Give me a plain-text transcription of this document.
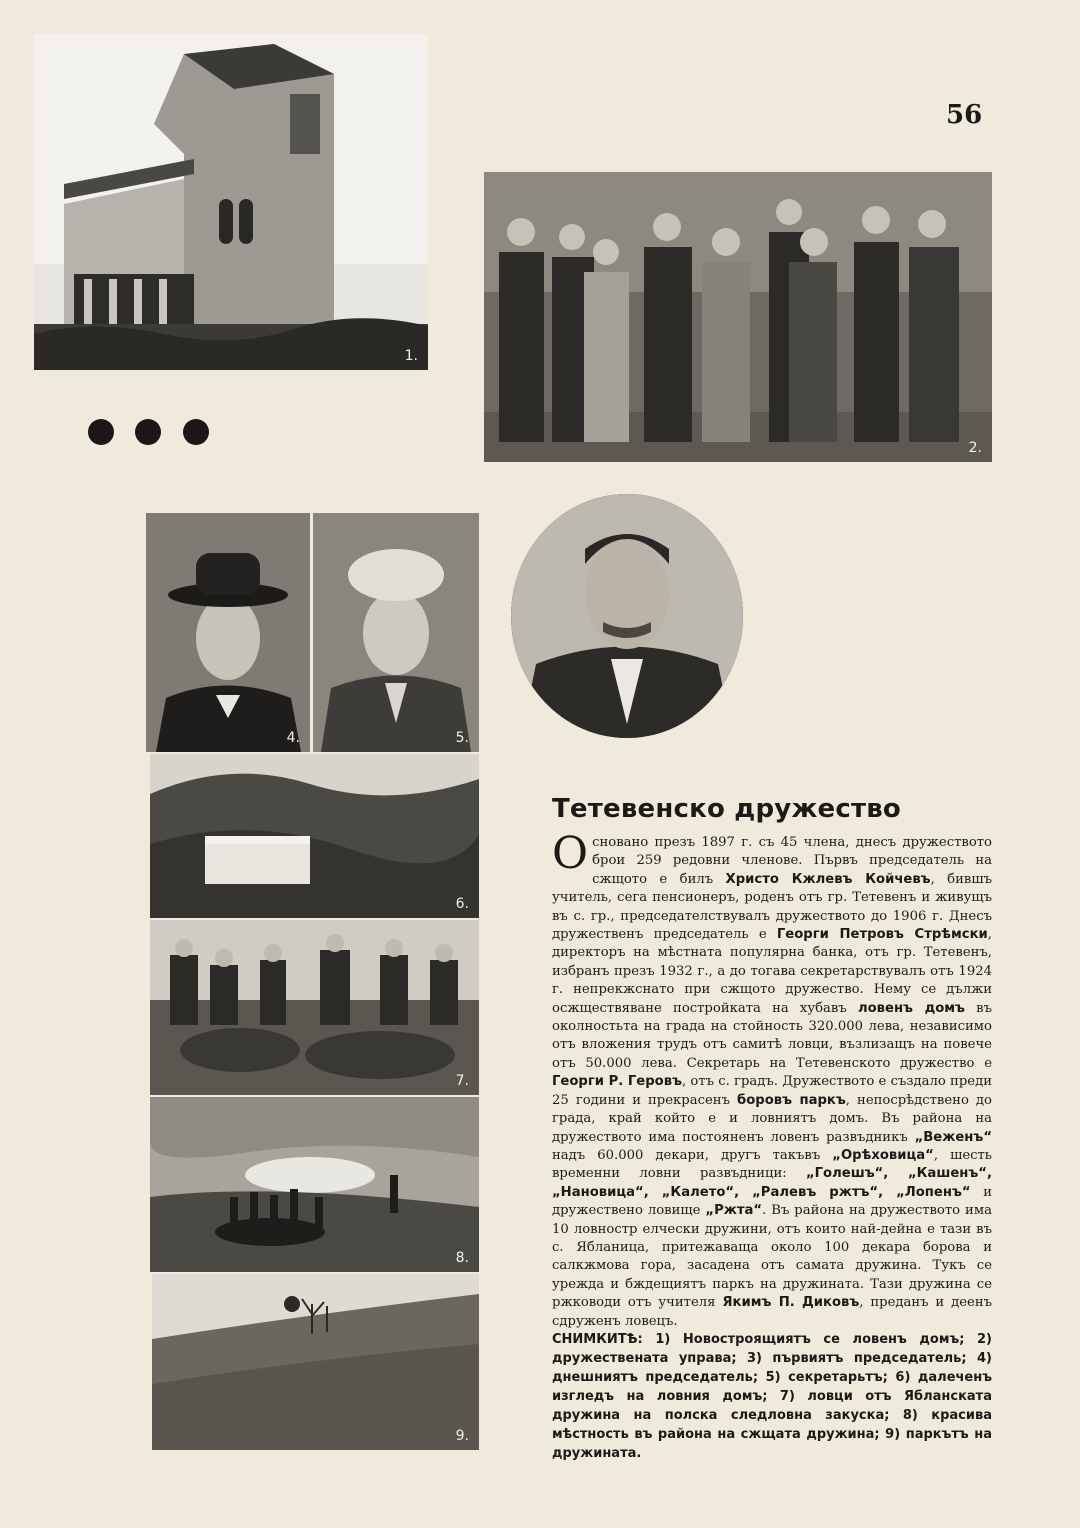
56

1.
2.
4.	5.
3.
6.
7.
8.
9.
Тетевенско дружество

Основано презъ 1897 г. съ 45 члена, днесъ дружеството брои 259 редовни членове. Първъ председатель на сжщото е билъ Христо Кжлевъ Койчевъ, бившъ учитель, сега пенсионеръ, роденъ отъ гр. Тетевенъ и живущъ въ с. гр., председателствувалъ дружеството до 1906 г. Днесъ дружественъ председатель е Георги Петровъ Стрѣмски, директоръ на мѣстната популярна банка, отъ гр. Тетевенъ, избранъ презъ 1932 г., а до тогава секретарствувалъ отъ 1924 г. непрекжснато при сжщото дружество. Нему се дължи осжществяване постройката на хубавъ ловенъ домъ въ околностьта на града на стойность 320.000 лева, независимо отъ вложения трудъ отъ самитѣ ловци, възлизащъ на повече отъ 50.000 лева. Секретарь на Тетевенското дружество е Георги Р. Геровъ, отъ с. градъ. Дружеството е създало преди 25 години и прекрасенъ боровъ паркъ, непосрѣдствено до града, край който е и ловниятъ домъ. Въ района на дружеството има постояненъ ловенъ развъдникъ „Веженъ“ надъ 60.000 декари, другъ такъвъ „Орѣховица“, шесть временни ловни развъдници: „Голешъ“, „Кашенъ“, „Нановица“, „Калето“, „Ралевъ ржтъ“, „Лопенъ“ и дружествено ловище „Ржта“. Въ района на дружеството има 10 ловностр елчески дружини, отъ които най-дейна е тази въ с. Ябланица, притежаваща около 100 декара борова и салкжмова гора, засадена отъ самата дружина. Тукъ се урежда и бждещиятъ паркъ на дружината. Тази дружина се ржководи отъ учителя Якимъ П. Диковъ, преданъ и деенъ сдруженъ ловецъ.

СНИМКИТѢ: 1) Новостроящиятъ се ловенъ домъ; 2) дружествената управа; 3) първиятъ председатель; 4) днешниятъ председатель; 5) секретарьтъ; 6) далеченъ изгледъ на ловния домъ; 7) ловци отъ Ябланската дружина на полска следловна закуска; 8) красива мѣстность въ района на сжщата дружина; 9) паркътъ на дружината.
